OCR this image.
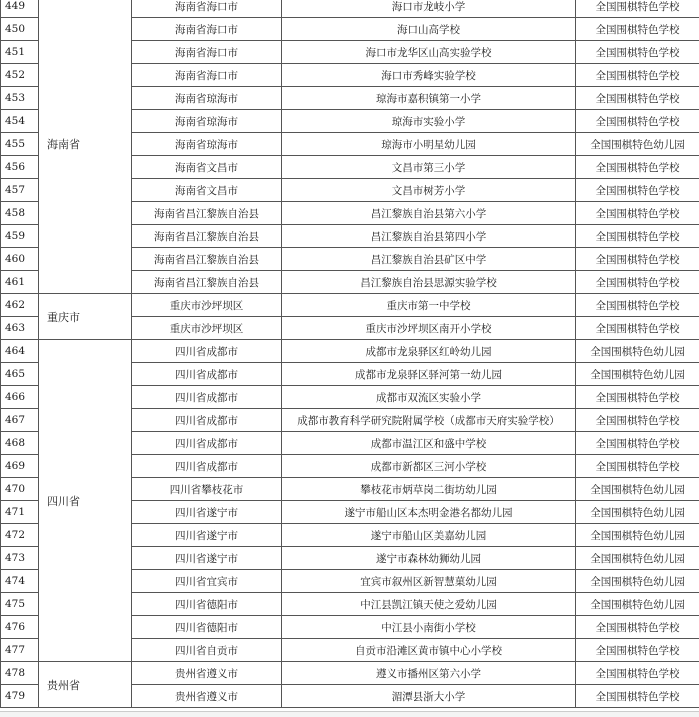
449	海南省	海南省海口市	海口市龙岐小学	全国围棋特色学校
450		海南省海口市	海口山高学校	全国围棋特色学校
451		海南省海口市	海口市龙华区山高实验学校	全国围棋特色学校
452		海南省海口市	海口市秀峰实验学校	全国围棋特色学校
453		海南省琼海市	琼海市嘉积镇第一小学	全国围棋特色学校
454		海南省琼海市	琼海市实验小学	全国围棋特色学校
455		海南省琼海市	琼海市小明星幼儿园	全国围棋特色幼儿园
456		海南省文昌市	文昌市第三小学	全国围棋特色学校
457		海南省文昌市	文昌市树芳小学	全国围棋特色学校
458		海南省昌江黎族自治县	昌江黎族自治县第六小学	全国围棋特色学校
459		海南省昌江黎族自治县	昌江黎族自治县第四小学	全国围棋特色学校
460		海南省昌江黎族自治县	昌江黎族自治县矿区中学	全国围棋特色学校
461		海南省昌江黎族自治县	昌江黎族自治县思源实验学校	全国围棋特色学校
462	重庆市	重庆市沙坪坝区	重庆市第一中学校	全国围棋特色学校
463		重庆市沙坪坝区	重庆市沙坪坝区南开小学校	全国围棋特色学校
464	四川省	四川省成都市	成都市龙泉驿区红岭幼儿园	全国围棋特色幼儿园
465		四川省成都市	成都市龙泉驿区驿河第一幼儿园	全国围棋特色幼儿园
466		四川省成都市	成都市双流区实验小学	全国围棋特色学校
467		四川省成都市	成都市教育科学研究院附属学校（成都市天府实验学校）	全国围棋特色学校
468		四川省成都市	成都市温江区和盛中学校	全国围棋特色学校
469		四川省成都市	成都市新都区三河小学校	全国围棋特色学校
470		四川省攀枝花市	攀枝花市炳草岗二街坊幼儿园	全国围棋特色幼儿园
471		四川省遂宁市	遂宁市船山区本杰明金港名都幼儿园	全国围棋特色幼儿园
472		四川省遂宁市	遂宁市船山区美嘉幼儿园	全国围棋特色幼儿园
473		四川省遂宁市	遂宁市森林幼狮幼儿园	全国围棋特色幼儿园
474		四川省宜宾市	宜宾市叙州区新智慧菓幼儿园	全国围棋特色幼儿园
475		四川省德阳市	中江县凯江镇天使之爱幼儿园	全国围棋特色幼儿园
476		四川省德阳市	中江县小南街小学校	全国围棋特色学校
477		四川省自贡市	自贡市沿滩区黄市镇中心小学校	全国围棋特色学校
478	贵州省	贵州省遵义市	遵义市播州区第六小学	全国围棋特色学校
479		贵州省遵义市	湄潭县浙大小学	全国围棋特色学校
